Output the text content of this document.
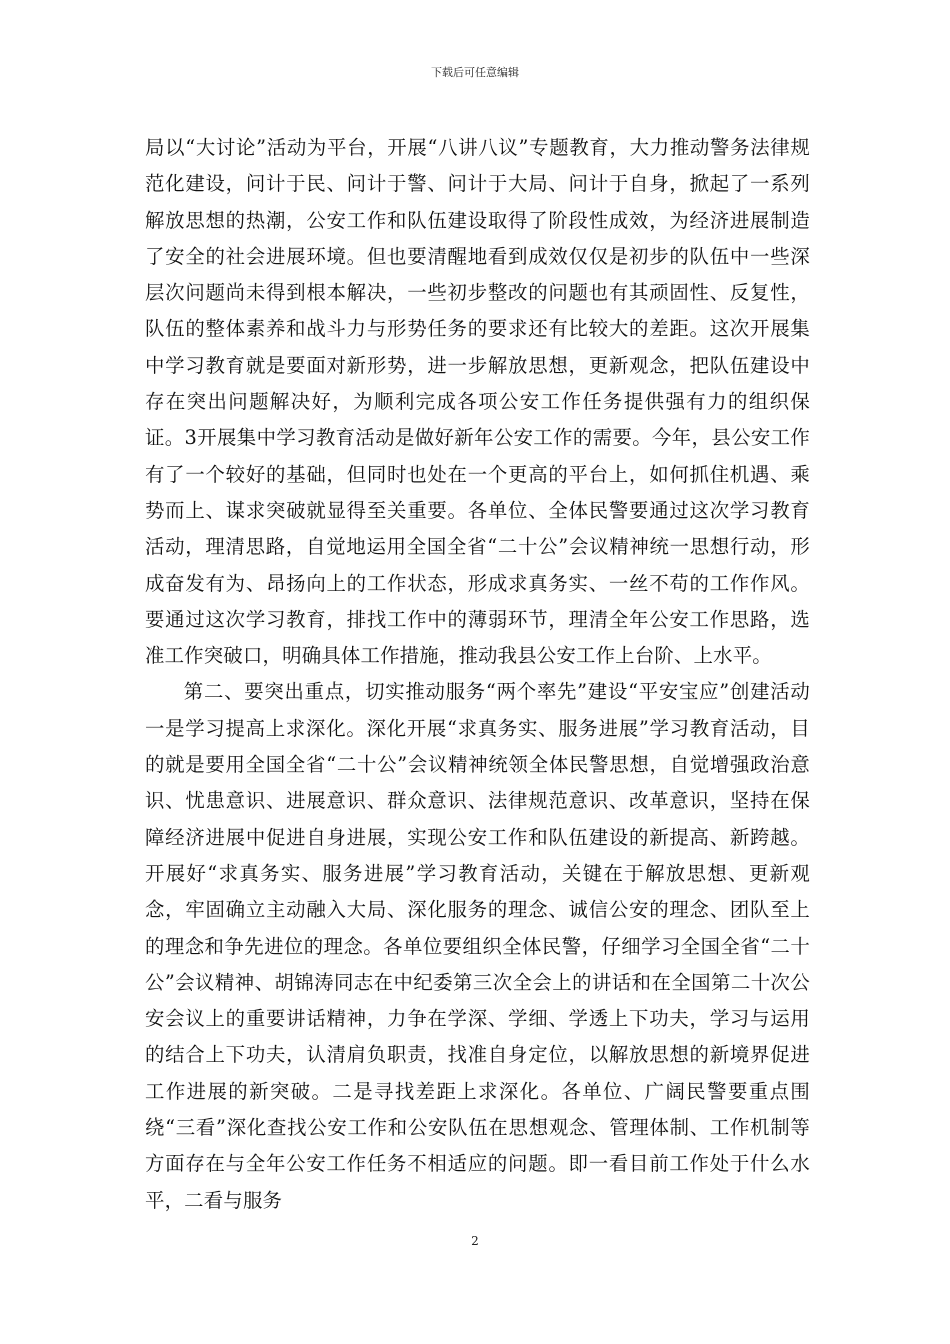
下载后可任意编辑

局以“大讨论”活动为平台，开展“八讲八议”专题教育，大力推动警务法律规范化建设，问计于民、问计于警、问计于大局、问计于自身，掀起了一系列解放思想的热潮，公安工作和队伍建设取得了阶段性成效，为经济进展制造了安全的社会进展环境。但也要清醒地看到成效仅仅是初步的队伍中一些深层次问题尚未得到根本解决，一些初步整改的问题也有其顽固性、反复性，队伍的整体素养和战斗力与形势任务的要求还有比较大的差距。这次开展集中学习教育就是要面对新形势，进一步解放思想，更新观念，把队伍建设中存在突出问题解决好，为顺利完成各项公安工作任务提供强有力的组织保证。3开展集中学习教育活动是做好新年公安工作的需要。今年，县公安工作有了一个较好的基础，但同时也处在一个更高的平台上，如何抓住机遇、乘势而上、谋求突破就显得至关重要。各单位、全体民警要通过这次学习教育活动，理清思路，自觉地运用全国全省“二十公”会议精神统一思想行动，形成奋发有为、昂扬向上的工作状态，形成求真务实、一丝不苟的工作作风。要通过这次学习教育，排找工作中的薄弱环节，理清全年公安工作思路，选准工作突破口，明确具体工作措施，推动我县公安工作上台阶、上水平。

第二、要突出重点，切实推动服务“两个率先”建设“平安宝应”创建活动一是学习提高上求深化。深化开展“求真务实、服务进展”学习教育活动，目的就是要用全国全省“二十公”会议精神统领全体民警思想，自觉增强政治意识、忧患意识、进展意识、群众意识、法律规范意识、改革意识，坚持在保障经济进展中促进自身进展，实现公安工作和队伍建设的新提高、新跨越。开展好“求真务实、服务进展”学习教育活动，关键在于解放思想、更新观念，牢固确立主动融入大局、深化服务的理念、诚信公安的理念、团队至上的理念和争先进位的理念。各单位要组织全体民警，仔细学习全国全省“二十公”会议精神、胡锦涛同志在中纪委第三次全会上的讲话和在全国第二十次公安会议上的重要讲话精神，力争在学深、学细、学透上下功夫，学习与运用的结合上下功夫，认清肩负职责，找准自身定位，以解放思想的新境界促进工作进展的新突破。二是寻找差距上求深化。各单位、广阔民警要重点围绕“三看”深化查找公安工作和公安队伍在思想观念、管理体制、工作机制等方面存在与全年公安工作任务不相适应的问题。即一看目前工作处于什么水平，二看与服务

2
